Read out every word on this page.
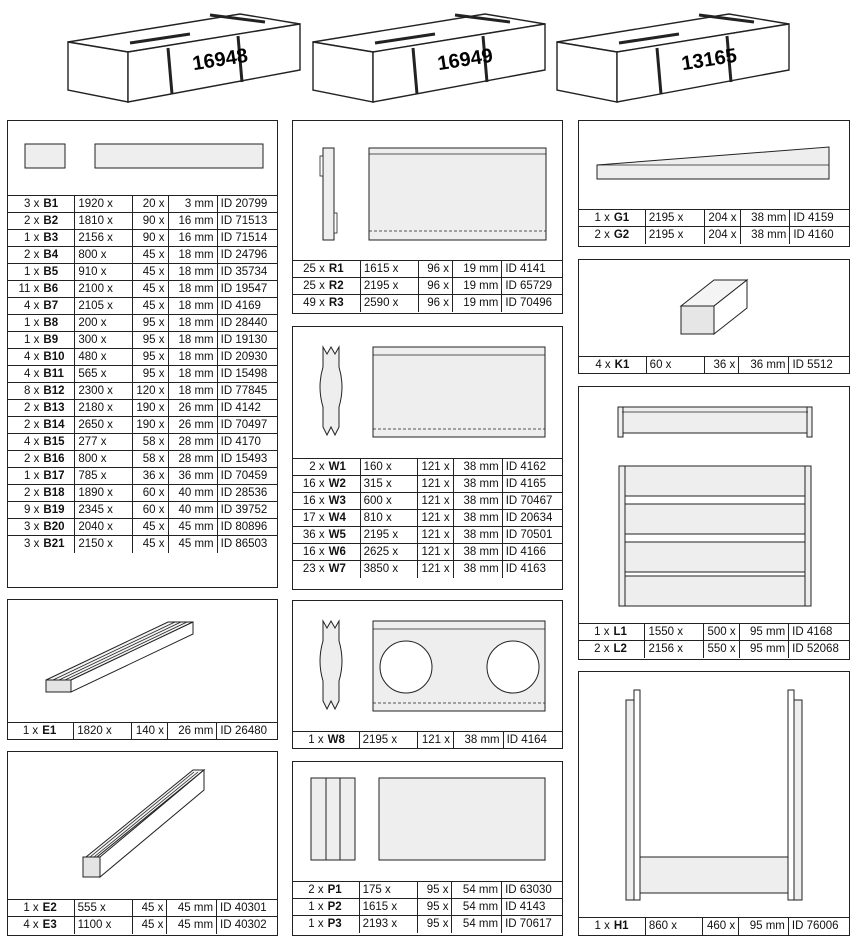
16948	16949	13165
3 x B1	1920 x	20 x	3 mm	ID 20799
2 x B2	1810 x	90 x	16 mm	ID 71513
1 x B3	2156 x	90 x	16 mm	ID 71514
2 x B4	800 x	45 x	18 mm	ID 24796
1 x B5	910 x	45 x	18 mm	ID 35734
11 x B6	2100 x	45 x	18 mm	ID 19547
4 x B7	2105 x	45 x	18 mm	ID 4169
1 x B8	200 x	95 x	18 mm	ID 28440
1 x B9	300 x	95 x	18 mm	ID 19130
4 x B10	480 x	95 x	18 mm	ID 20930
4 x B11	565 x	95 x	18 mm	ID 15498
8 x B12	2300 x	120 x	18 mm	ID 77845
2 x B13	2180 x	190 x	26 mm	ID 4142
2 x B14	2650 x	190 x	26 mm	ID 70497
4 x B15	277 x	58 x	28 mm	ID 4170
2 x B16	800 x	58 x	28 mm	ID 15493
1 x B17	785 x	36 x	36 mm	ID 70459
2 x B18	1890 x	60 x	40 mm	ID 28536
9 x B19	2345 x	60 x	40 mm	ID 39752
3 x B20	2040 x	45 x	45 mm	ID 80896
3 x B21	2150 x	45 x	45 mm	ID 86503
1 x E1	1820 x	140 x	26 mm	ID 26480
1 x E2	555 x	45 x	45 mm	ID 40301
4 x E3	1100 x	45 x	45 mm	ID 40302
25 x R1	1615 x	96 x	19 mm	ID 4141
25 x R2	2195 x	96 x	19 mm	ID 65729
49 x R3	2590 x	96 x	19 mm	ID 70496
2 x W1	160 x	121 x	38 mm	ID 4162
16 x W2	315 x	121 x	38 mm	ID 4165
16 x W3	600 x	121 x	38 mm	ID 70467
17 x W4	810 x	121 x	38 mm	ID 20634
36 x W5	2195 x	121 x	38 mm	ID 70501
16 x W6	2625 x	121 x	38 mm	ID 4166
23 x W7	3850 x	121 x	38 mm	ID 4163
1 x W8	2195 x	121 x	38 mm	ID 4164
2 x P1	175 x	95 x	54 mm	ID 63030
1 x P2	1615 x	95 x	54 mm	ID 4143
1 x P3	2193 x	95 x	54 mm	ID 70617
1 x G1	2195 x	204 x	38 mm	ID 4159
2 x G2	2195 x	204 x	38 mm	ID 4160
4 x K1	60 x	36 x	36 mm	ID 5512
1 x L1	1550 x	500 x	95 mm	ID 4168
2 x L2	2156 x	550 x	95 mm	ID 52068
1 x H1	860 x	460 x	95 mm	ID 76006
